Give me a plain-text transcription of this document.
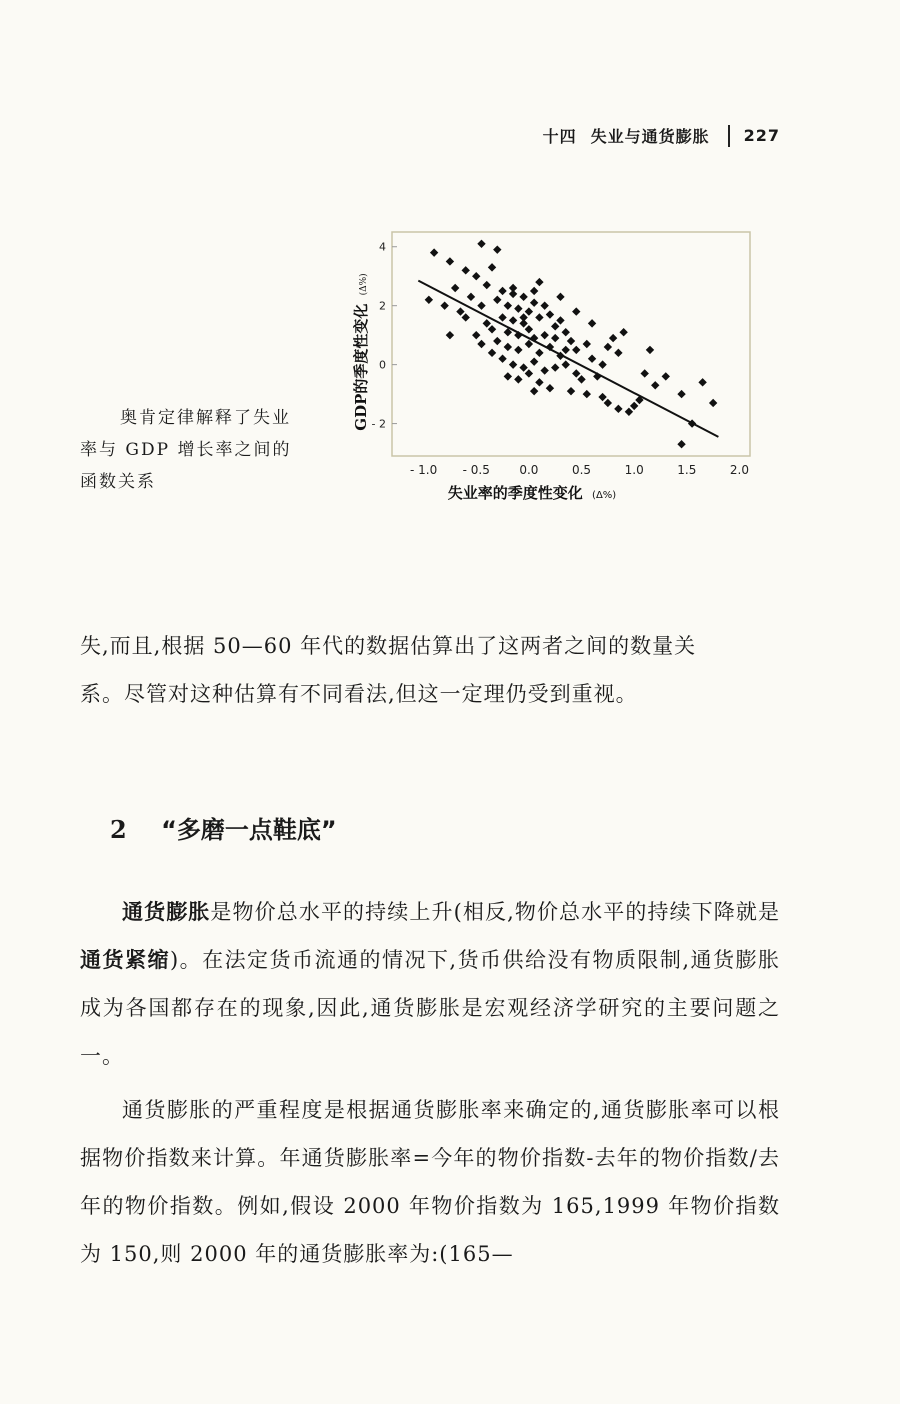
十四 失业与通货膨胀 227
奥肯定律解释了失业
率与 GDP 增长率之间的
函数关系
- 1.0 - 0.5 0.0	0.5	1.0	1.5	2.0
4
2
0
- 2
失业率的季度性变化 (Δ%)
GDP的季度性变化 (Δ%)
失,而且,根据 50—60 年代的数据估算出了这两者之间的数量关
系。尽管对这种估算有不同看法,但这一定理仍受到重视。
2 “多磨一点鞋底”
通货膨胀是物价总水平的持续上升(相反,物价总水平的持续下降就是通货紧缩)。在法定货币流通的情况下,货币供给没有物质限制,通货膨胀成为各国都存在的现象,因此,通货膨胀是宏观经济学研究的主要问题之一。
通货膨胀的严重程度是根据通货膨胀率来确定的,通货膨胀率可以根据物价指数来计算。年通货膨胀率=今年的物价指数-去年的物价指数/去年的物价指数。例如,假设 2000 年物价指数为 165,1999 年物价指数为 150,则 2000 年的通货膨胀率为:(165—
